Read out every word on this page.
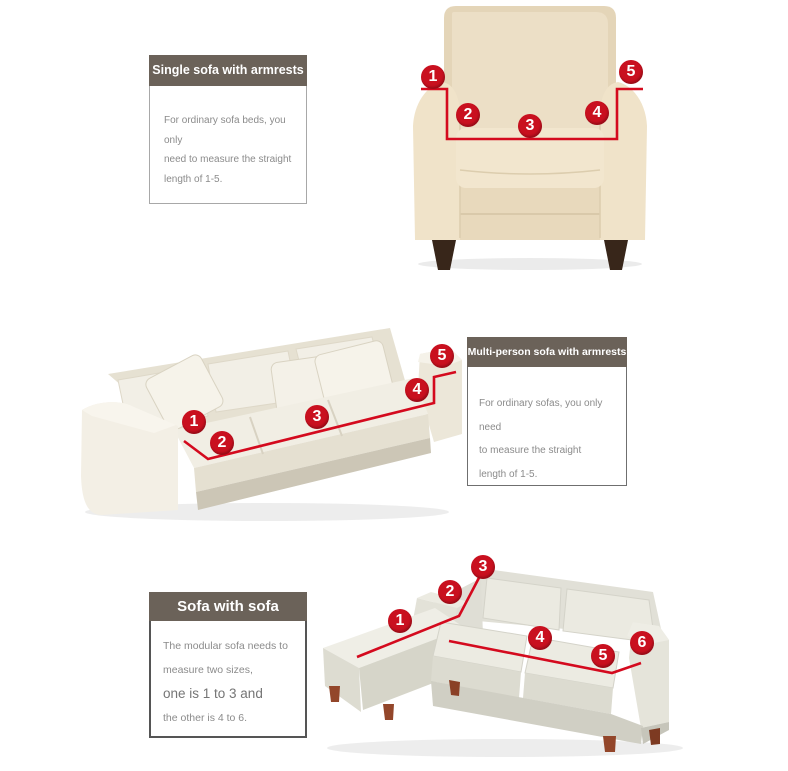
Single sofa with armrests

For ordinary sofa beds, you only

need to measure the straight

length of 1-5.

Multi-person sofa with armrests

For ordinary sofas, you only need

to measure the straight

length of 1-5.

Sofa with sofa

The modular sofa needs to

measure two sizes,

one is 1 to 3 and

the other is 4 to 6.

1
2
3
4
5
1
2
3
4
5
1
2
3
4
5
6
